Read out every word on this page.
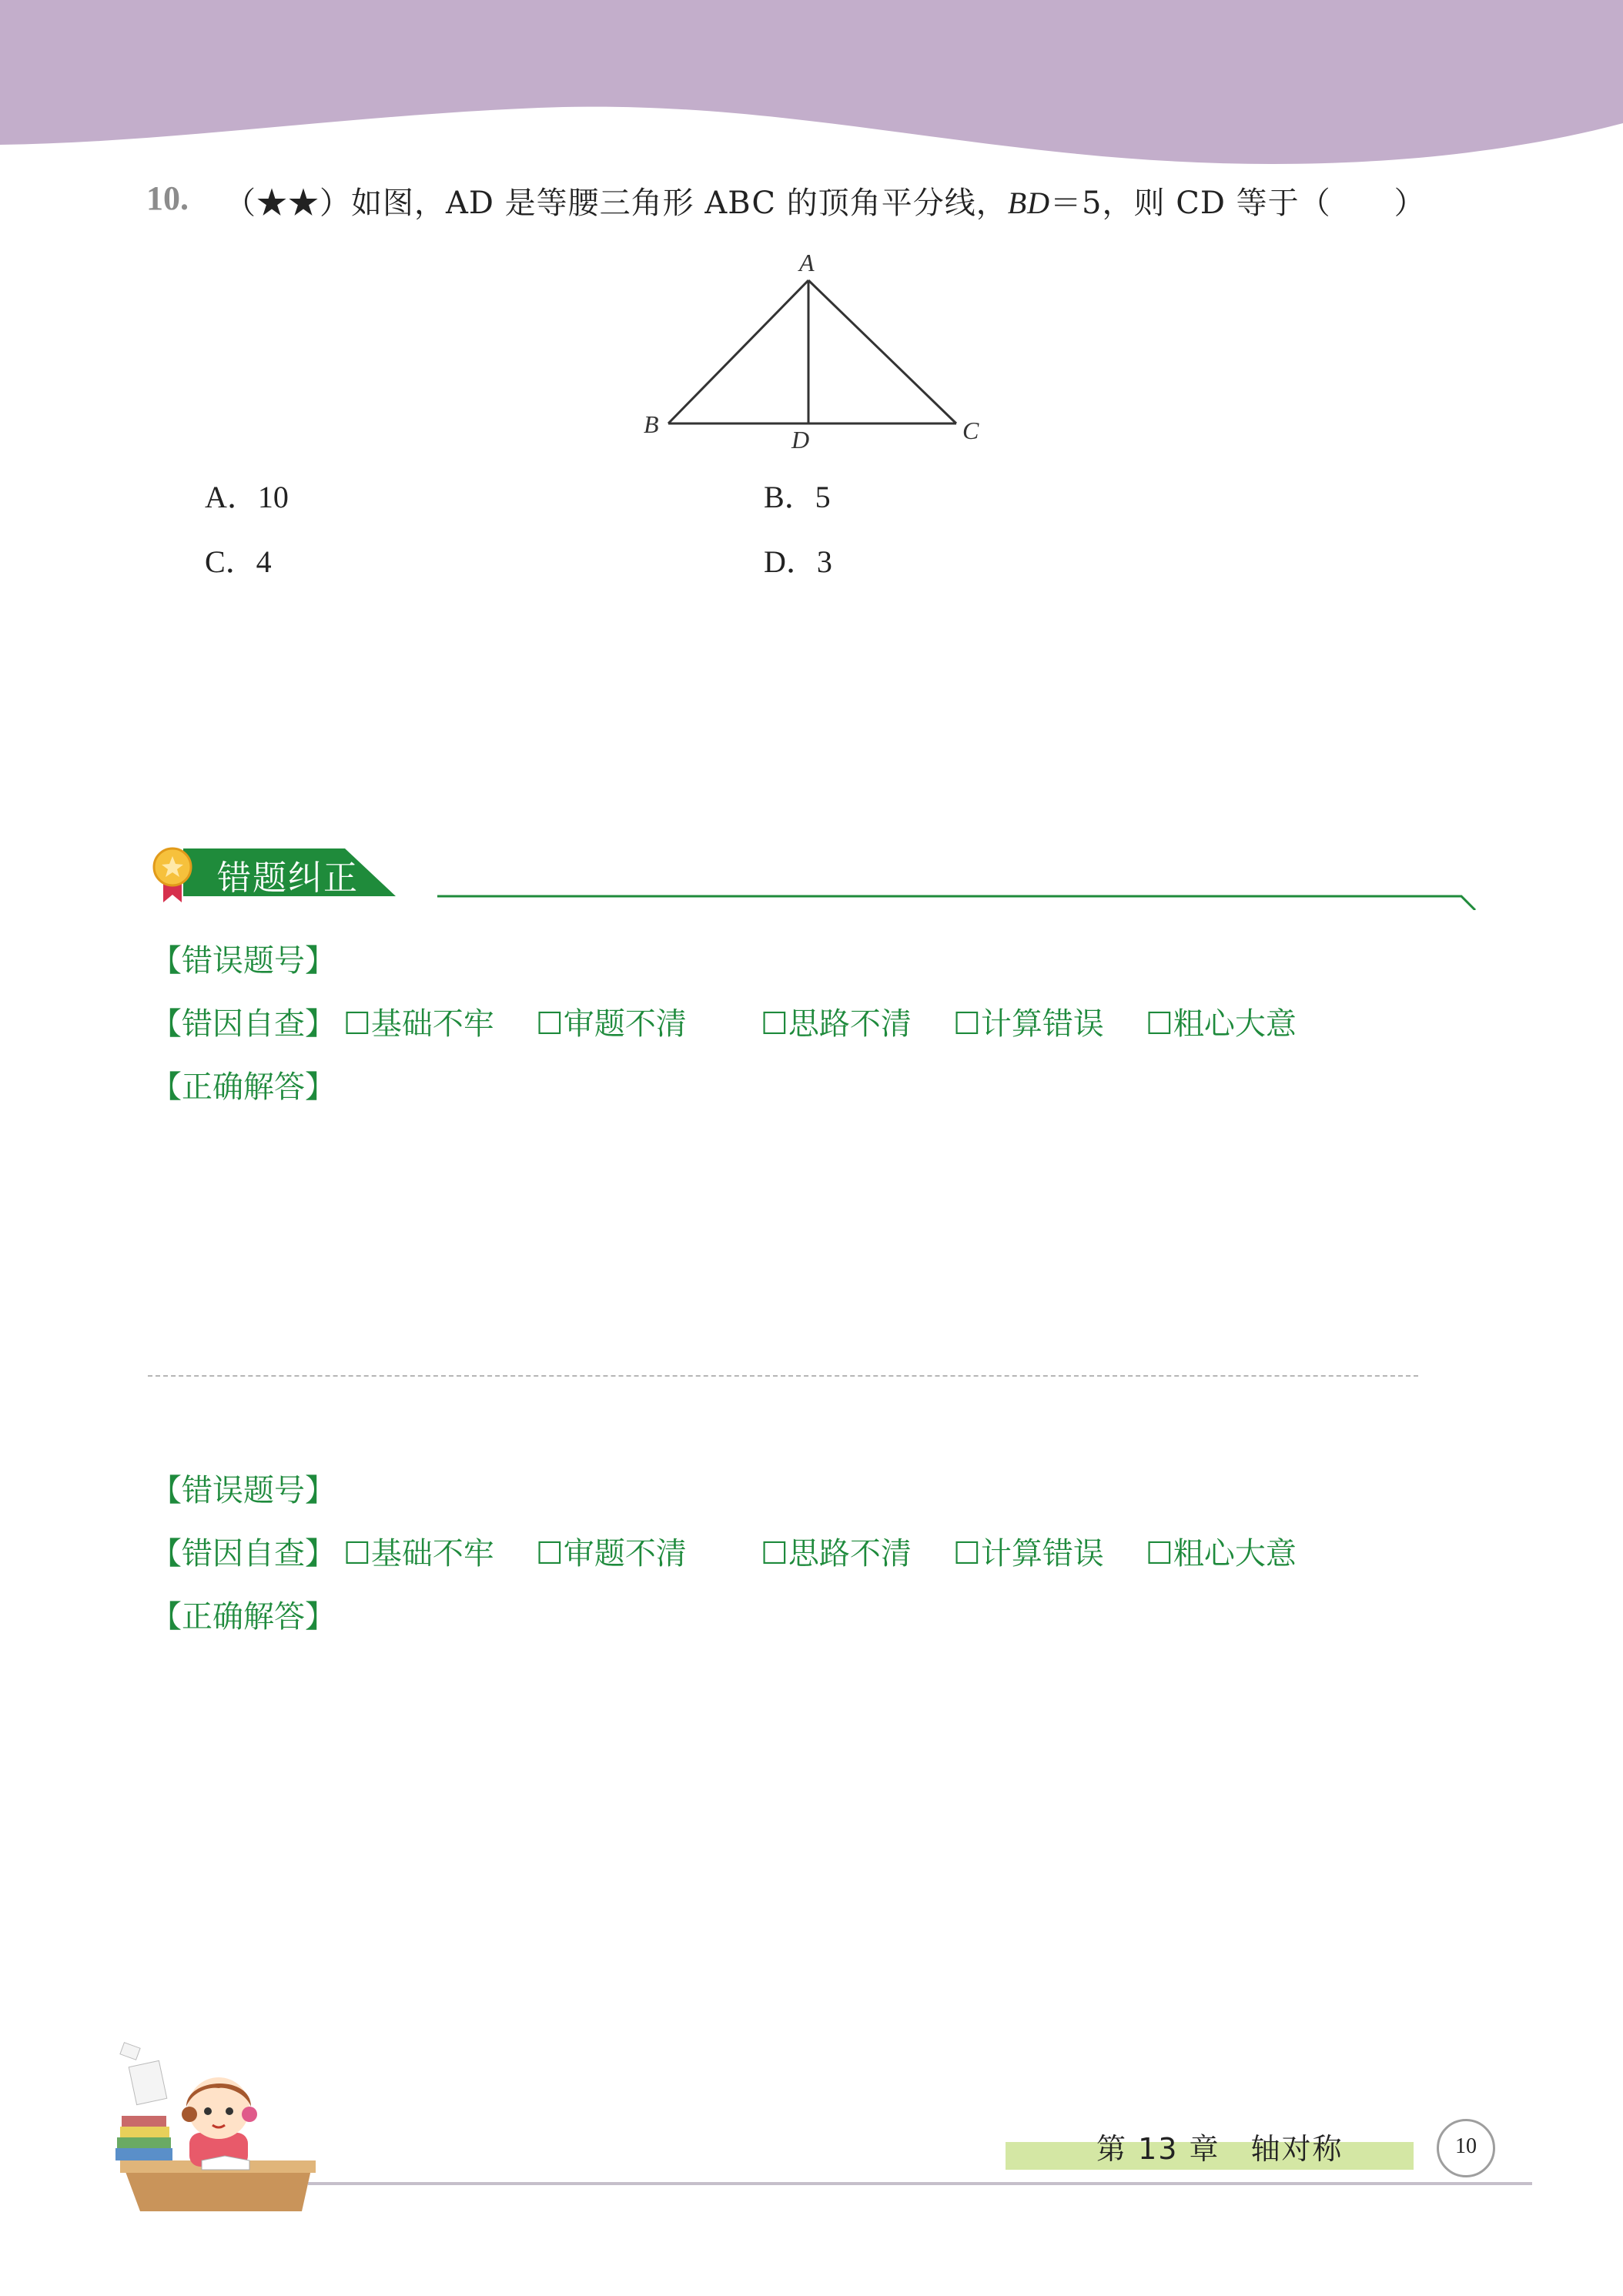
10. （★★）如图，AD 是等腰三角形 ABC 的顶角平分线，BD＝5，则 CD 等于（　　）
A
B	C
D
A．10	B．5
C．4	D．3
错题纠正
【错误题号】
【错因自查】 ☐基础不牢 ☐审题不清 ☐思路不清 ☐计算错误 ☐粗心大意
【正确解答】
【错误题号】
【错因自查】 ☐基础不牢 ☐审题不清 ☐思路不清 ☐计算错误 ☐粗心大意
【正确解答】
第 13 章　轴对称	10
